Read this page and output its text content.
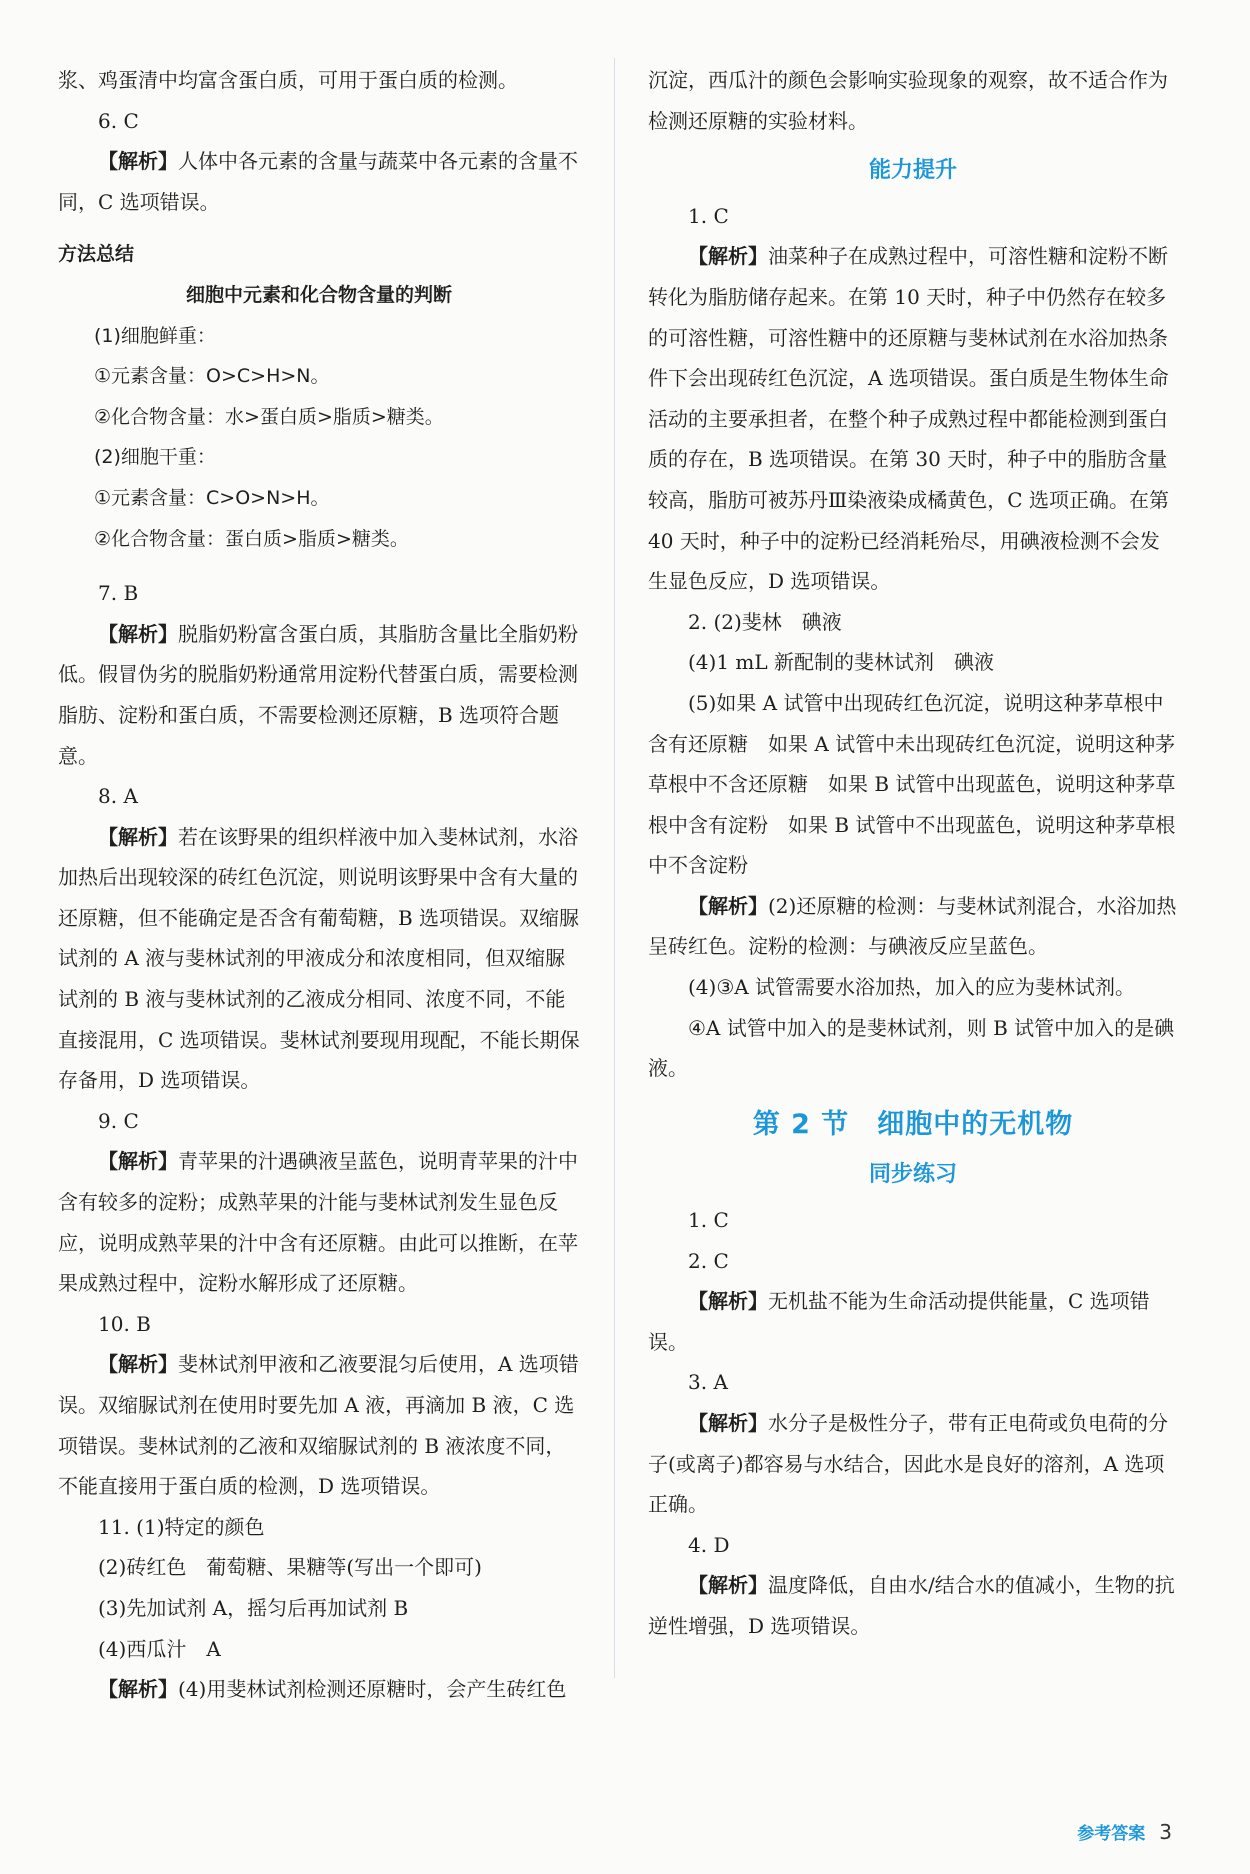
浆、鸡蛋清中均富含蛋白质，可用于蛋白质的检测。

6. C

【解析】人体中各元素的含量与蔬菜中各元素的含量不同，C 选项错误。

方法总结
细胞中元素和化合物含量的判断

(1)细胞鲜重：

①元素含量：O>C>H>N。

②化合物含量：水>蛋白质>脂质>糖类。

(2)细胞干重：

①元素含量：C>O>N>H。

②化合物含量：蛋白质>脂质>糖类。

7. B

【解析】脱脂奶粉富含蛋白质，其脂肪含量比全脂奶粉低。假冒伪劣的脱脂奶粉通常用淀粉代替蛋白质，需要检测脂肪、淀粉和蛋白质，不需要检测还原糖，B 选项符合题意。

8. A

【解析】若在该野果的组织样液中加入斐林试剂，水浴加热后出现较深的砖红色沉淀，则说明该野果中含有大量的还原糖，但不能确定是否含有葡萄糖，B 选项错误。双缩脲试剂的 A 液与斐林试剂的甲液成分和浓度相同，但双缩脲试剂的 B 液与斐林试剂的乙液成分相同、浓度不同，不能直接混用，C 选项错误。斐林试剂要现用现配，不能长期保存备用，D 选项错误。

9. C

【解析】青苹果的汁遇碘液呈蓝色，说明青苹果的汁中含有较多的淀粉；成熟苹果的汁能与斐林试剂发生显色反应，说明成熟苹果的汁中含有还原糖。由此可以推断，在苹果成熟过程中，淀粉水解形成了还原糖。

10. B

【解析】斐林试剂甲液和乙液要混匀后使用，A 选项错误。双缩脲试剂在使用时要先加 A 液，再滴加 B 液，C 选项错误。斐林试剂的乙液和双缩脲试剂的 B 液浓度不同，不能直接用于蛋白质的检测，D 选项错误。

11. (1)特定的颜色

(2)砖红色　葡萄糖、果糖等(写出一个即可)

(3)先加试剂 A，摇匀后再加试剂 B

(4)西瓜汁　A

【解析】(4)用斐林试剂检测还原糖时，会产生砖红色

沉淀，西瓜汁的颜色会影响实验现象的观察，故不适合作为检测还原糖的实验材料。

能力提升

1. C

【解析】油菜种子在成熟过程中，可溶性糖和淀粉不断转化为脂肪储存起来。在第 10 天时，种子中仍然存在较多的可溶性糖，可溶性糖中的还原糖与斐林试剂在水浴加热条件下会出现砖红色沉淀，A 选项错误。蛋白质是生物体生命活动的主要承担者，在整个种子成熟过程中都能检测到蛋白质的存在，B 选项错误。在第 30 天时，种子中的脂肪含量较高，脂肪可被苏丹Ⅲ染液染成橘黄色，C 选项正确。在第 40 天时，种子中的淀粉已经消耗殆尽，用碘液检测不会发生显色反应，D 选项错误。

2. (2)斐林　碘液

(4)1 mL 新配制的斐林试剂　碘液

(5)如果 A 试管中出现砖红色沉淀，说明这种茅草根中含有还原糖　如果 A 试管中未出现砖红色沉淀，说明这种茅草根中不含还原糖　如果 B 试管中出现蓝色，说明这种茅草根中含有淀粉　如果 B 试管中不出现蓝色，说明这种茅草根中不含淀粉

【解析】(2)还原糖的检测：与斐林试剂混合，水浴加热呈砖红色。淀粉的检测：与碘液反应呈蓝色。

(4)③A 试管需要水浴加热，加入的应为斐林试剂。

④A 试管中加入的是斐林试剂，则 B 试管中加入的是碘液。

第 2 节　细胞中的无机物
同步练习

1. C

2. C

【解析】无机盐不能为生命活动提供能量，C 选项错误。

3. A

【解析】水分子是极性分子，带有正电荷或负电荷的分子(或离子)都容易与水结合，因此水是良好的溶剂，A 选项正确。

4. D

【解析】温度降低，自由水/结合水的值减小，生物的抗逆性增强，D 选项错误。

参考答案 3
